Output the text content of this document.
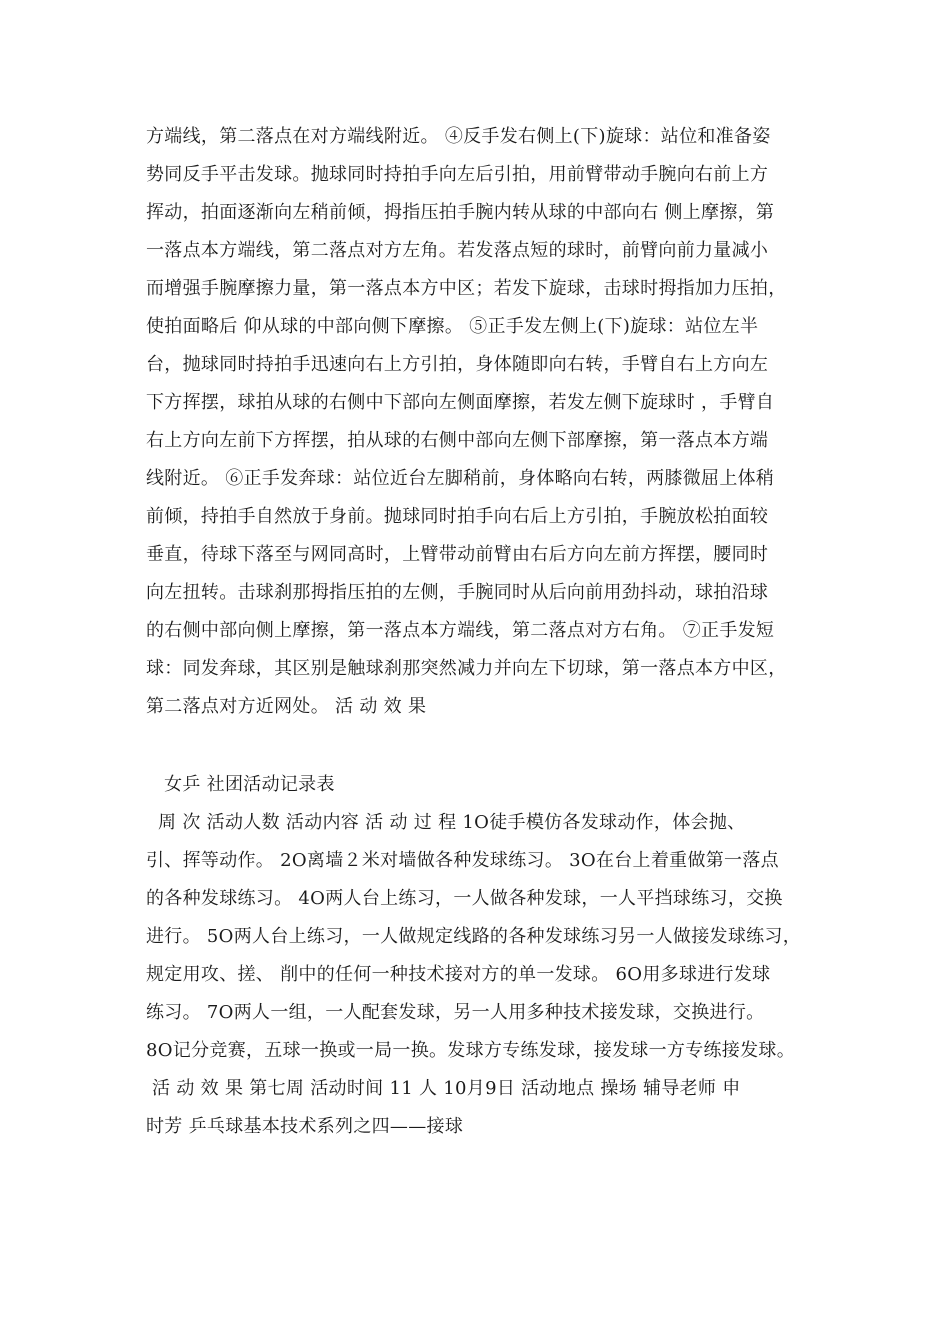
方端线，第二落点在对方端线附近。 ④反手发右侧上(下)旋球：站位和准备姿
势同反手平击发球。抛球同时持拍手向左后引拍，用前臂带动手腕向右前上方
挥动，拍面逐渐向左稍前倾，拇指压拍手腕内转从球的中部向右 侧上摩擦，第
一落点本方端线，第二落点对方左角。若发落点短的球时，前臂向前力量减小
而增强手腕摩擦力量，第一落点本方中区；若发下旋球，击球时拇指加力压拍，
使拍面略后 仰从球的中部向侧下摩擦。 ⑤正手发左侧上(下)旋球：站位左半
台，抛球同时持拍手迅速向右上方引拍，身体随即向右转，手臂自右上方向左
下方挥摆，球拍从球的右侧中下部向左侧面摩擦，若发左侧下旋球时 ，手臂自
右上方向左前下方挥摆，拍从球的右侧中部向左侧下部摩擦，第一落点本方端
线附近。 ⑥正手发奔球：站位近台左脚稍前，身体略向右转，两膝微屈上体稍
前倾，持拍手自然放于身前。抛球同时拍手向右后上方引拍，手腕放松拍面较
垂直，待球下落至与网同高时，上臂带动前臂由右后方向左前方挥摆，腰同时
向左扭转。击球刹那拇指压拍的左侧，手腕同时从后向前用劲抖动，球拍沿球
的右侧中部向侧上摩擦，第一落点本方端线，第二落点对方右角。 ⑦正手发短
球：同发奔球，其区别是触球刹那突然减力并向左下切球，第一落点本方中区，
第二落点对方近网处。 活 动 效 果
女乒 社团活动记录表
周 次 活动人数 活动内容 活 动 过 程 1O徒手模仿各发球动作，体会抛、
引、挥等动作。 2O离墙２米对墙做各种发球练习。 3O在台上着重做第一落点
的各种发球练习。 4O两人台上练习，一人做各种发球，一人平挡球练习，交换
进行。 5O两人台上练习，一人做规定线路的各种发球练习另一人做接发球练习，
规定用攻、搓、 削中的任何一种技术接对方的单一发球。 6O用多球进行发球
练习。 7O两人一组，一人配套发球，另一人用多种技术接发球，交换进行。
8O记分竞赛，五球一换或一局一换。发球方专练发球，接发球一方专练接发球。
活 动 效 果 第七周 活动时间 11 人 10月9日 活动地点 操场 辅导老师 申
时芳 乒乓球基本技术系列之四——接球
